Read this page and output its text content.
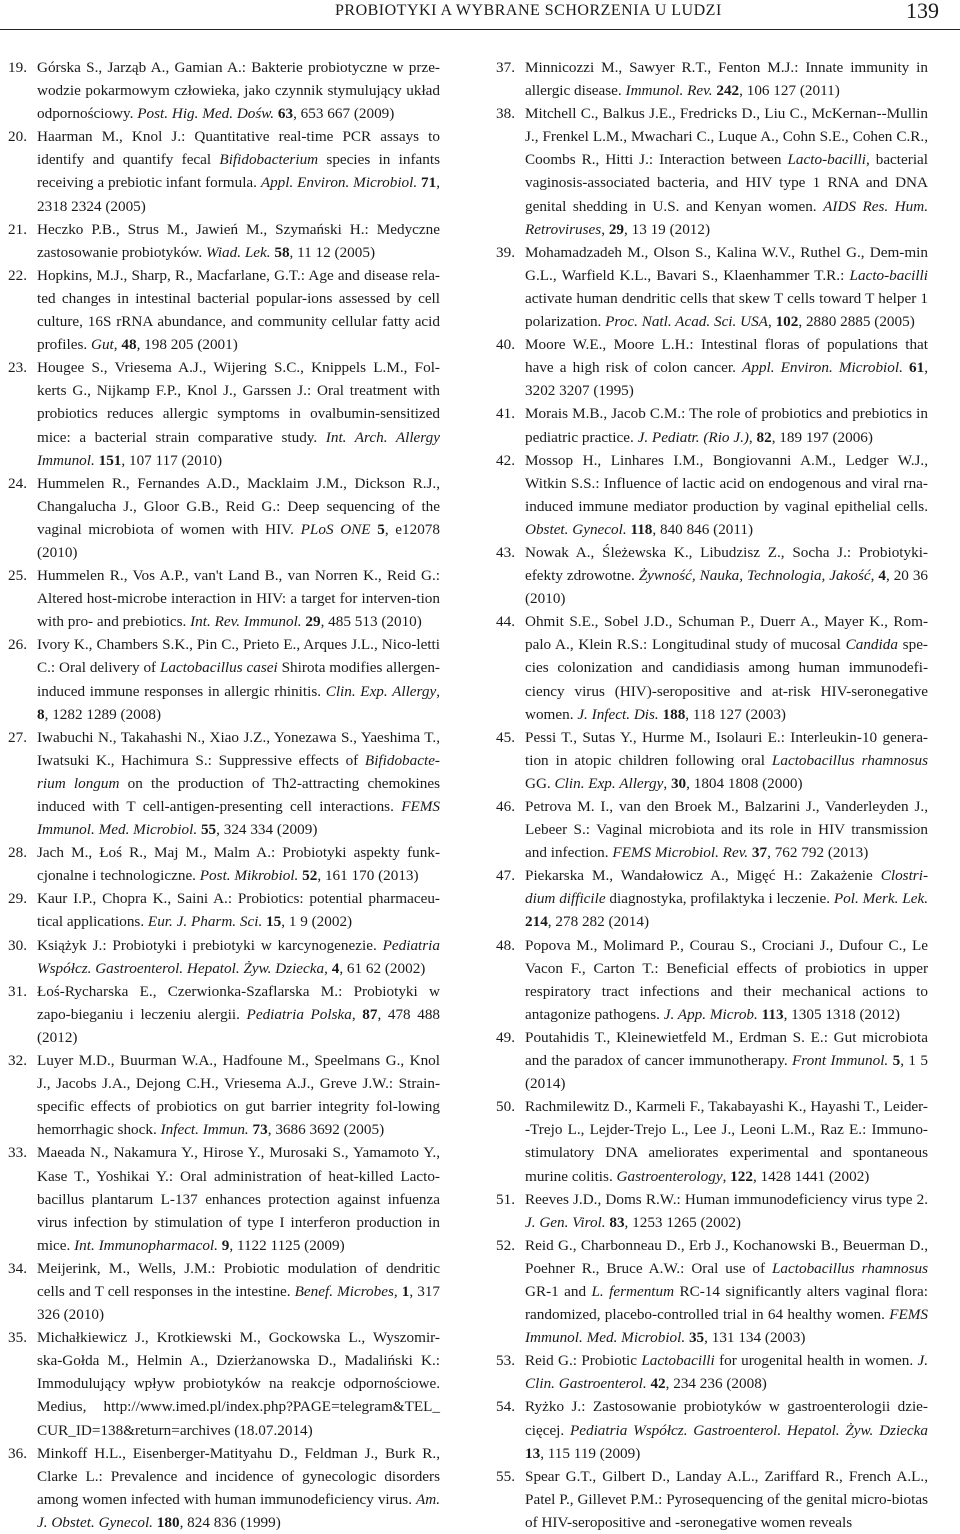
PROBIOTYKI A WYBRANE SCHORZENIA U LUDZI	139
19. Górska S., Jarząb A., Gamian A.: Bakterie probiotyczne w prze-wodzie pokarmowym człowieka, jako czynnik stymulujący układ odpornościowy. Post. Hig. Med. Dośw. 63, 653 667 (2009)
20. Haarman M., Knol J.: Quantitative real-time PCR assays to identify and quantify fecal Bifidobacterium species in infants receiving a prebiotic infant formula. Appl. Environ. Microbiol. 71, 2318 2324 (2005)
21. Heczko P.B., Strus M., Jawień M., Szymański H.: Medyczne zastosowanie probiotyków. Wiad. Lek. 58, 11 12 (2005)
22. Hopkins, M.J., Sharp, R., Macfarlane, G.T.: Age and disease rela-ted changes in intestinal bacterial popular-ions assessed by cell culture, 16S rRNA abundance, and community cellular fatty acid profiles. Gut, 48, 198 205 (2001)
23. Hougee S., Vriesema A.J., Wijering S.C., Knippels L.M., Fol-kerts G., Nijkamp F.P., Knol J., Garssen J.: Oral treatment with probiotics reduces allergic symptoms in ovalbumin-sensitized mice: a bacterial strain comparative study. Int. Arch. Allergy Immunol. 151, 107 117 (2010)
24. Hummelen R., Fernandes A.D., Macklaim J.M., Dickson R.J., Changalucha J., Gloor G.B., Reid G.: Deep sequencing of the vaginal microbiota of women with HIV. PLoS ONE 5, e12078 (2010)
25. Hummelen R., Vos A.P., van't Land B., van Norren K., Reid G.: Altered host-microbe interaction in HIV: a target for interven-tion with pro- and prebiotics. Int. Rev. Immunol. 29, 485 513 (2010)
26. Ivory K., Chambers S.K., Pin C., Prieto E., Arques J.L., Nico-letti C.: Oral delivery of Lactobacillus casei Shirota modifies allergen-induced immune responses in allergic rhinitis. Clin. Exp. Allergy, 8, 1282 1289 (2008)
27. Iwabuchi N., Takahashi N., Xiao J.Z., Yonezawa S., Yaeshima T., Iwatsuki K., Hachimura S.: Suppressive effects of Bifidobacte-rium longum on the production of Th2-attracting chemokines induced with T cell-antigen-presenting cell interactions. FEMS Immunol. Med. Microbiol. 55, 324 334 (2009)
28. Jach M., Łoś R., Maj M., Malm A.: Probiotyki aspekty funk-cjonalne i technologiczne. Post. Mikrobiol. 52, 161 170 (2013)
29. Kaur I.P., Chopra K., Saini A.: Probiotics: potential pharmaceu-tical applications. Eur. J. Pharm. Sci. 15, 1 9 (2002)
30. Książyk J.: Probiotyki i prebiotyki w karcynogenezie. Pediatria Współcz. Gastroenterol. Hepatol. Żyw. Dziecka, 4, 61 62 (2002)
31. Łoś-Rycharska E., Czerwionka-Szaflarska M.: Probiotyki w zapo-bieganiu i leczeniu alergii. Pediatria Polska, 87, 478 488 (2012)
32. Luyer M.D., Buurman W.A., Hadfoune M., Speelmans G., Knol J., Jacobs J.A., Dejong C.H., Vriesema A.J., Greve J.W.: Strain-specific effects of probiotics on gut barrier integrity fol-lowing hemorrhagic shock. Infect. Immun. 73, 3686 3692 (2005)
33. Maeada N., Nakamura Y., Hirose Y., Murosaki S., Yamamoto Y., Kase T., Yoshikai Y.: Oral administration of heat-killed Lacto-bacillus plantarum L-137 enhances protection against infuenza virus infection by stimulation of type I interferon production in mice. Int. Immunopharmacol. 9, 1122 1125 (2009)
34. Meijerink, M., Wells, J.M.: Probiotic modulation of dendritic cells and T cell responses in the intestine. Benef. Microbes, 1, 317 326 (2010)
35. Michałkiewicz J., Krotkiewski M., Gockowska L., Wyszomir-ska-Gołda M., Helmin A., Dzierżanowska D., Madaliński K.: Immodulujący wpływ probiotyków na reakcje odpornościowe. Medius, http://www.imed.pl/index.php?PAGE=telegram&TEL_ CUR_ID=138&return=archives (18.07.2014)
36. Minkoff H.L., Eisenberger-Matityahu D., Feldman J., Burk R., Clarke L.: Prevalence and incidence of gynecologic disorders among women infected with human immunodeficiency virus. Am. J. Obstet. Gynecol. 180, 824 836 (1999)
37. Minnicozzi M., Sawyer R.T., Fenton M.J.: Innate immunity in allergic disease. Immunol. Rev. 242, 106 127 (2011)
38. Mitchell C., Balkus J.E., Fredricks D., Liu C., McKernan--Mullin J., Frenkel L.M., Mwachari C., Luque A., Cohn S.E., Cohen C.R., Coombs R., Hitti J.: Interaction between Lacto-bacilli, bacterial vaginosis-associated bacteria, and HIV type 1 RNA and DNA genital shedding in U.S. and Kenyan women. AIDS Res. Hum. Retroviruses, 29, 13 19 (2012)
39. Mohamadzadeh M., Olson S., Kalina W.V., Ruthel G., Dem-min G.L., Warfield K.L., Bavari S., Klaenhammer T.R.: Lacto-bacilli activate human dendritic cells that skew T cells toward T helper 1 polarization. Proc. Natl. Acad. Sci. USA, 102, 2880 2885 (2005)
40. Moore W.E., Moore L.H.: Intestinal floras of populations that have a high risk of colon cancer. Appl. Environ. Microbiol. 61, 3202 3207 (1995)
41. Morais M.B., Jacob C.M.: The role of probiotics and prebiotics in pediatric practice. J. Pediatr. (Rio J.), 82, 189 197 (2006)
42. Mossop H., Linhares I.M., Bongiovanni A.M., Ledger W.J., Witkin S.S.: Influence of lactic acid on endogenous and viral rna-induced immune mediator production by vaginal epithelial cells. Obstet. Gynecol. 118, 840 846 (2011)
43. Nowak A., Śleżewska K., Libudzisz Z., Socha J.: Probiotyki-efekty zdrowotne. Żywność, Nauka, Technologia, Jakość, 4, 20 36 (2010)
44. Ohmit S.E., Sobel J.D., Schuman P., Duerr A., Mayer K., Rom-palo A., Klein R.S.: Longitudinal study of mucosal Candida spe-cies colonization and candidiasis among human immunodefi-ciency virus (HIV)-seropositive and at-risk HIV-seronegative women. J. Infect. Dis. 188, 118 127 (2003)
45. Pessi T., Sutas Y., Hurme M., Isolauri E.: Interleukin-10 genera-tion in atopic children following oral Lactobacillus rhamnosus GG. Clin. Exp. Allergy, 30, 1804 1808 (2000)
46. Petrova M. I., van den Broek M., Balzarini J., Vanderleyden J., Lebeer S.: Vaginal microbiota and its role in HIV transmission and infection. FEMS Microbiol. Rev. 37, 762 792 (2013)
47. Piekarska M., Wandałowicz A., Migęć H.: Zakażenie Clostri-dium difficile diagnostyka, profilaktyka i leczenie. Pol. Merk. Lek. 214, 278 282 (2014)
48. Popova M., Molimard P., Courau S., Crociani J., Dufour C., Le Vacon F., Carton T.: Beneficial effects of probiotics in upper respiratory tract infections and their mechanical actions to antagonize pathogens. J. App. Microb. 113, 1305 1318 (2012)
49. Poutahidis T., Kleinewietfeld M., Erdman S. E.: Gut microbiota and the paradox of cancer immunotherapy. Front Immunol. 5, 1 5 (2014)
50. Rachmilewitz D., Karmeli F., Takabayashi K., Hayashi T., Leider--Trejo L., Lejder-Trejo L., Lee J., Leoni L.M., Raz E.: Immuno-stimulatory DNA ameliorates experimental and spontaneous murine colitis. Gastroenterology, 122, 1428 1441 (2002)
51. Reeves J.D., Doms R.W.: Human immunodeficiency virus type 2. J. Gen. Virol. 83, 1253 1265 (2002)
52. Reid G., Charbonneau D., Erb J., Kochanowski B., Beuerman D., Poehner R., Bruce A.W.: Oral use of Lactobacillus rhamnosus GR-1 and L. fermentum RC-14 significantly alters vaginal flora: randomized, placebo-controlled trial in 64 healthy women. FEMS Immunol. Med. Microbiol. 35, 131 134 (2003)
53. Reid G.: Probiotic Lactobacilli for urogenital health in women. J. Clin. Gastroenterol. 42, 234 236 (2008)
54. Ryżko J.: Zastosowanie probiotyków w gastroenterologii dzie-cięcej. Pediatria Współcz. Gastroenterol. Hepatol. Żyw. Dziecka 13, 115 119 (2009)
55. Spear G.T., Gilbert D., Landay A.L., Zariffard R., French A.L., Patel P., Gillevet P.M.: Pyrosequencing of the genital micro-biotas of HIV-seropositive and -seronegative women reveals
